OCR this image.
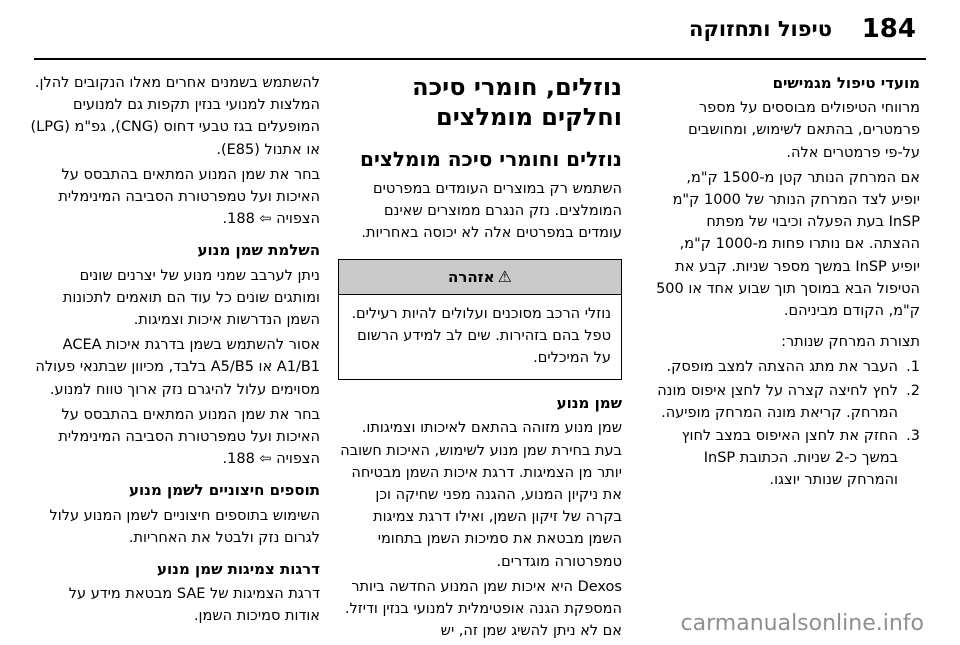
184
טיפול ותחזוקה

מועדי טיפול מגמישים

מרווחי הטיפולים מבוססים על מספר פרמטרים, בהתאם לשימוש, ומחושבים על-פי פרמטרים אלה.

אם המרחק הנותר קטן מ-1500 ק"מ, יופיע לצד המרחק הנותר של 1000 ק"מ InSP בעת הפעלה וכיבוי של מפתח ההצתה. אם נותרו פחות מ-1000 ק"מ, יופיע InSP במשך מספר שניות. קבע את הטיפול הבא במוסך תוך שבוע אחד או 500 ק"מ, הקודם מביניהם.

תצורת המרחק שנותר:

1.
העבר את מתג ההצתה למצב מופסק.
2.
לחץ לחיצה קצרה על לחצן איפוס מונה המרחק. קריאת מונה המרחק מופיעה.
3.
החזק את לחצן האיפוס במצב לחוץ במשך כ-2 שניות. הכתובת InSP והמרחק שנותר יוצגו.
נוזלים, חומרי סיכה וחלקים מומלצים
נוזלים וחומרי סיכה מומלצים

השתמש רק במוצרים העומדים במפרטים המומלצים. נזק הנגרם ממוצרים שאינם עומדים במפרטים אלה לא יכוסה באחריות.

⚠אזהרה
נוזלי הרכב מסוכנים ועלולים להיות רעילים. טפל בהם בזהירות. שים לב למידע הרשום על המיכלים.

שמן מנוע

שמן מנוע מזוהה בהתאם לאיכותו וצמיגותו. בעת בחירת שמן מנוע לשימוש, האיכות חשובה יותר מן הצמיגות. דרגת איכות השמן מבטיחה את ניקיון המנוע, ההגנה מפני שחיקה וכן בקרה של זיקון השמן, ואילו דרגת צמיגות השמן מבטאת את סמיכות השמן בתחומי טמפרטורה מוגדרים.

Dexos היא איכות שמן המנוע החדשה ביותר המספקת הגנה אופטימלית למנועי בנזין ודיזל. אם לא ניתן להשיג שמן זה, יש

להשתמש בשמנים אחרים מאלו הנקובים להלן. המלצות למנועי בנזין תקפות גם למנועים המופעלים בגז טבעי דחוס (CNG), גפ"מ (LPG) או אתנול (E85).

בחר את שמן המנוע המתאים בהתבסס על האיכות ועל טמפרטורת הסביבה המינימלית הצפויה ⇦ 188.

השלמת שמן מנוע

ניתן לערבב שמני מנוע של יצרנים שונים ומותגים שונים כל עוד הם תואמים לתכונות השמן הנדרשות איכות וצמיגות.

אסור להשתמש בשמן בדרגת איכות ACEA A1/B1 או A5/B5 בלבד, מכיוון שבתנאי פעולה מסוימים עלול להיגרם נזק ארוך טווח למנוע.

בחר את שמן המנוע המתאים בהתבסס על האיכות ועל טמפרטורת הסביבה המינימלית הצפויה ⇦ 188.

תוספים חיצוניים לשמן מנוע

השימוש בתוספים חיצוניים לשמן המנוע עלול לגרום נזק ולבטל את האחריות.

דרגות צמיגות שמן מנוע

דרגת הצמיגות של SAE מבטאת מידע על אודות סמיכות השמן.	carmanualsonline.info
